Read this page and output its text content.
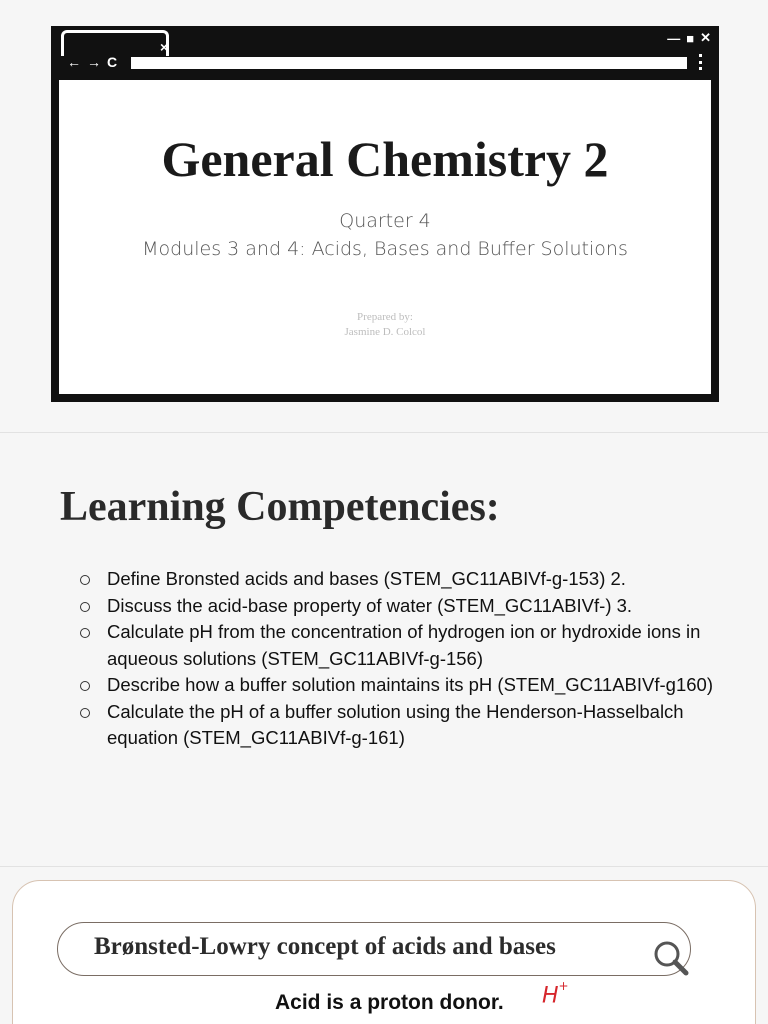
×
— ■ ✕
← → C
General Chemistry 2
Quarter 4
Modules 3 and 4: Acids, Bases and Buffer Solutions
Prepared by:
Jasmine D. Colcol
Learning Competencies:
Define Bronsted acids and bases (STEM_GC11ABIVf-g-153) 2.
Discuss the acid-base property of water (STEM_GC11ABIVf-) 3.
Calculate pH from the concentration of hydrogen ion or hydroxide ions in aqueous solutions (STEM_GC11ABIVf-g-156)
Describe how a buffer solution maintains its pH (STEM_GC11ABIVf-g160)
Calculate the pH of a buffer solution using the Henderson-Hasselbalch equation (STEM_GC11ABIVf-g-161)
Brønsted-Lowry concept of acids and bases
Acid is a proton donor. H+
